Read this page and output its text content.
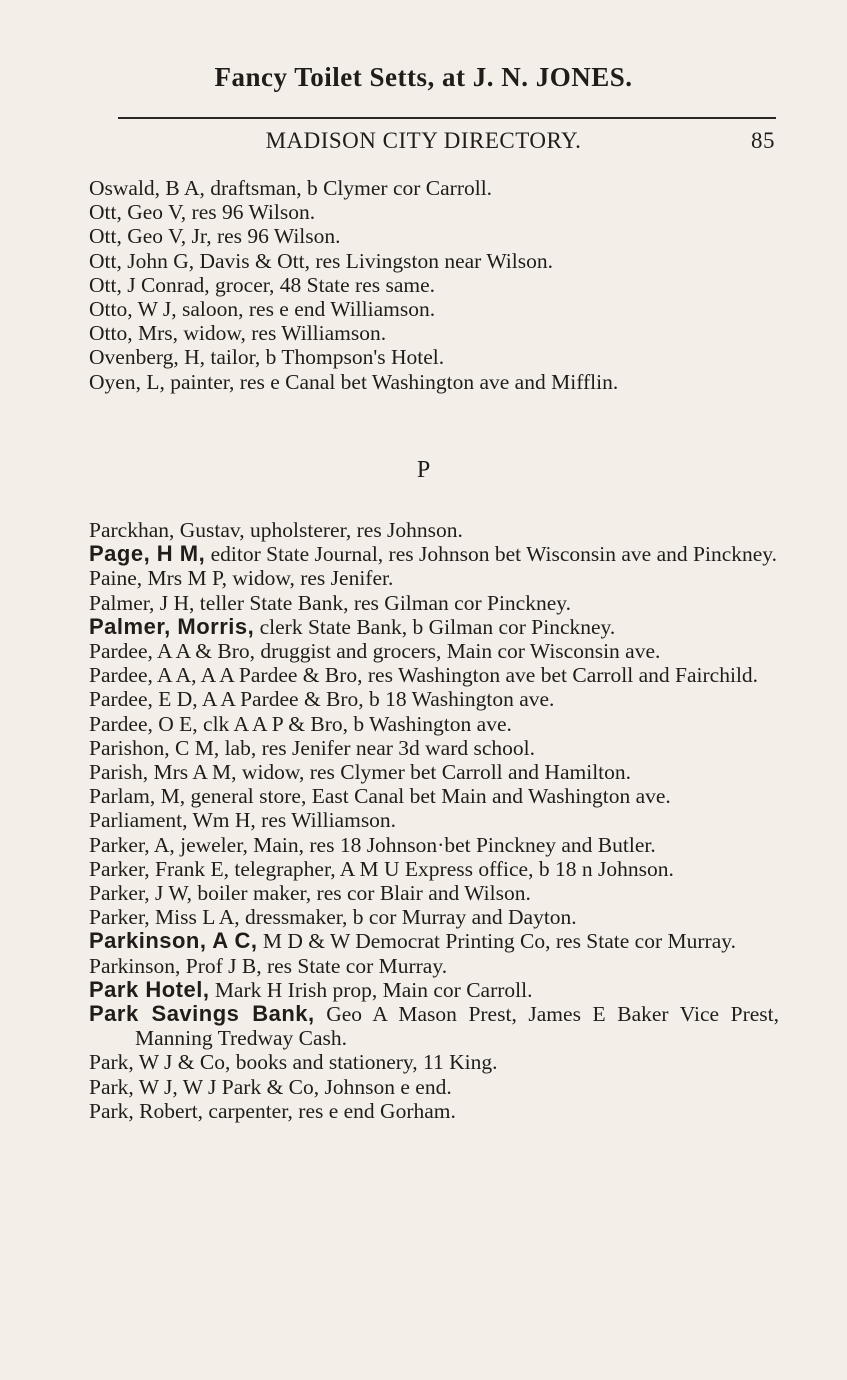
Fancy Toilet Setts, at J. N. JONES.
MADISON CITY DIRECTORY.	85

Oswald, B A, draftsman, b Clymer cor Carroll.

Ott, Geo V, res 96 Wilson.

Ott, Geo V, Jr, res 96 Wilson.

Ott, John G, Davis & Ott, res Livingston near Wilson.

Ott, J Conrad, grocer, 48 State res same.

Otto, W J, saloon, res e end Williamson.

Otto, Mrs, widow, res Williamson.

Ovenberg, H, tailor, b Thompson's Hotel.

Oyen, L, painter, res e Canal bet Washington ave and Mifflin.

P

Parckhan, Gustav, upholsterer, res Johnson.

Page, H M, editor State Journal, res Johnson bet Wisconsin ave and Pinckney.

Paine, Mrs M P, widow, res Jenifer.

Palmer, J H, teller State Bank, res Gilman cor Pinckney.

Palmer, Morris, clerk State Bank, b Gilman cor Pinckney.

Pardee, A A & Bro, druggist and grocers, Main cor Wisconsin ave.

Pardee, A A, A A Pardee & Bro, res Washington ave bet Carroll and Fairchild.

Pardee, E D, A A Pardee & Bro, b 18 Washington ave.

Pardee, O E, clk A A P & Bro, b Washington ave.

Parishon, C M, lab, res Jenifer near 3d ward school.

Parish, Mrs A M, widow, res Clymer bet Carroll and Hamilton.

Parlam, M, general store, East Canal bet Main and Washington ave.

Parliament, Wm H, res Williamson.

Parker, A, jeweler, Main, res 18 Johnson·bet Pinckney and Butler.

Parker, Frank E, telegrapher, A M U Express office, b 18 n Johnson.

Parker, J W, boiler maker, res cor Blair and Wilson.

Parker, Miss L A, dressmaker, b cor Murray and Dayton.

Parkinson, A C, M D & W Democrat Printing Co, res State cor Murray.

Parkinson, Prof J B, res State cor Murray.

Park Hotel, Mark H Irish prop, Main cor Carroll.

Park Savings Bank, Geo A Mason Prest, James E Baker Vice Prest, Manning Tredway Cash.

Park, W J & Co, books and stationery, 11 King.

Park, W J, W J Park & Co, Johnson e end.

Park, Robert, carpenter, res e end Gorham.
